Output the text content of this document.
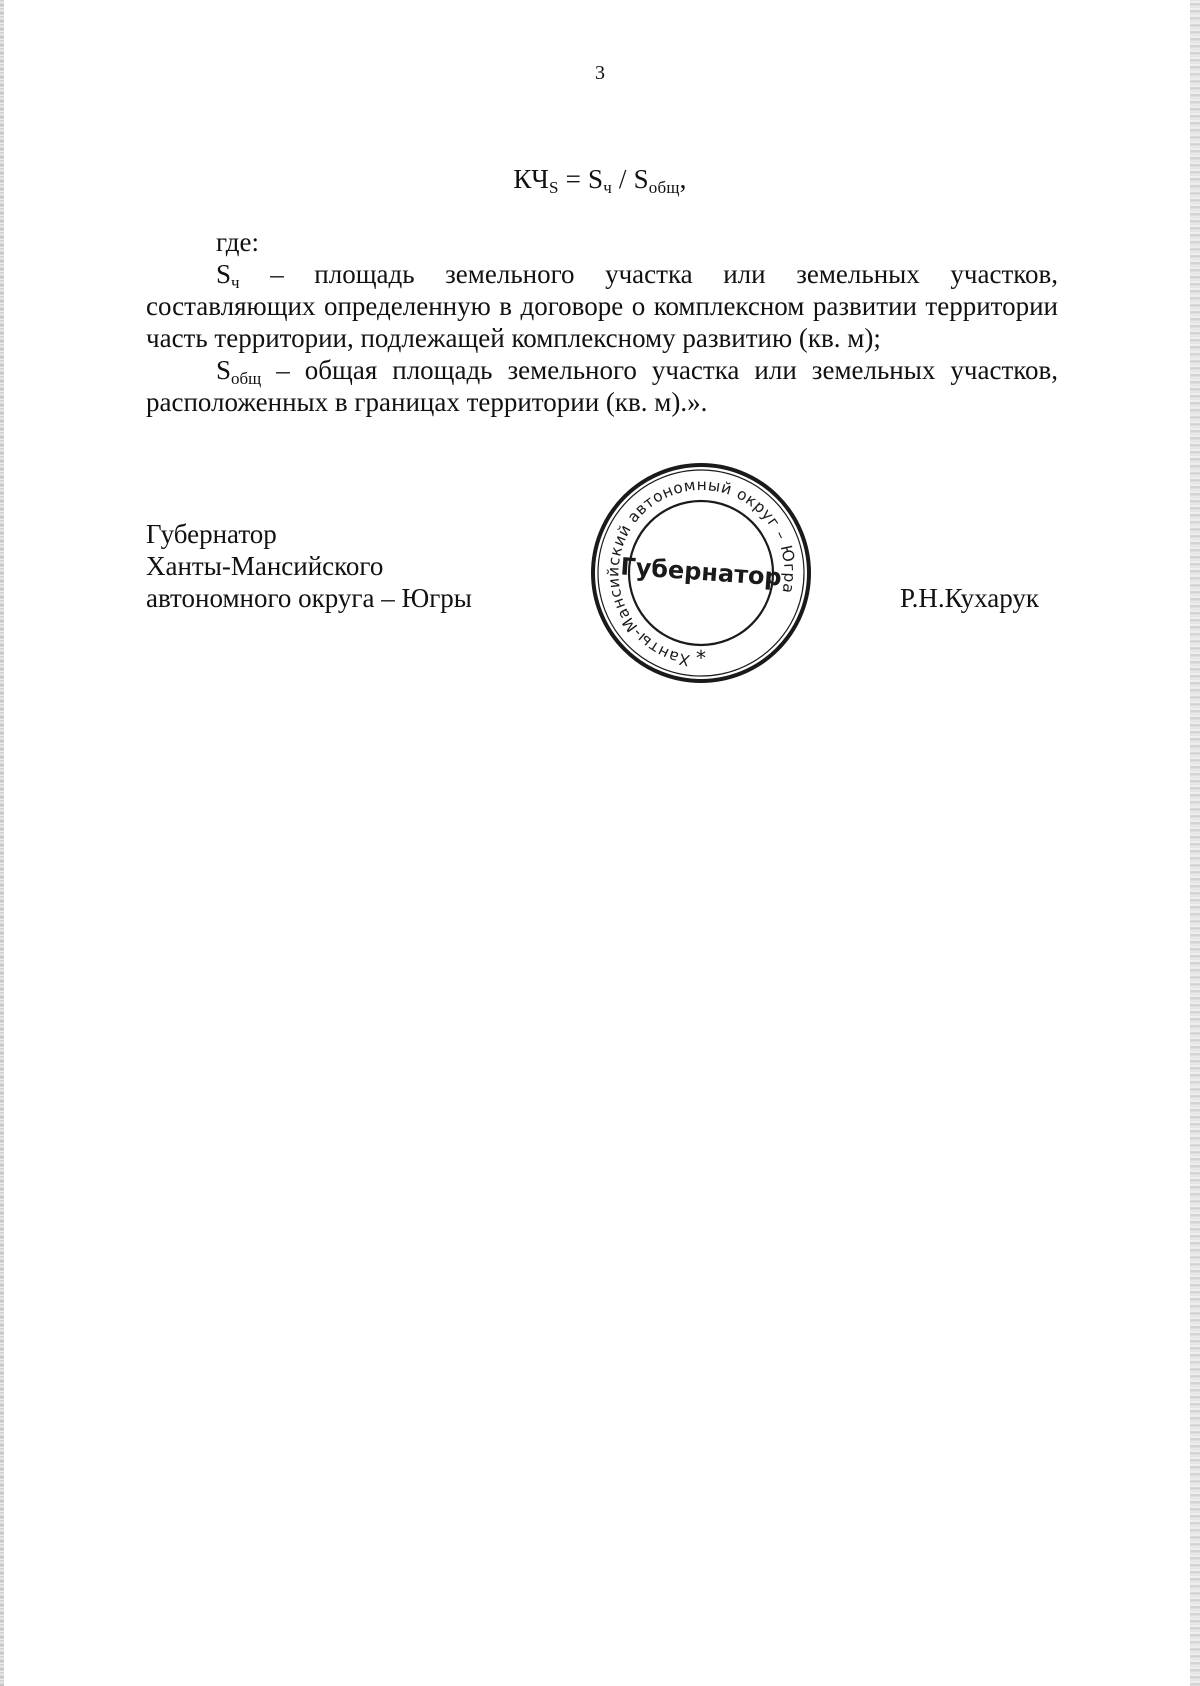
3
$КЧ_S = S_ч / S_{общ}$,

где:

$S_ч$ – площадь земельного участка или земельных участков, составляющих определенную в договоре о комплексном развитии территории часть территории, подлежащей комплексному развитию (кв. м);

$S_{общ}$ – общая площадь земельного участка или земельных участков, расположенных в границах территории (кв. м).».

Губернатор
Ханты-Мансийского
автономного округа – Югры
Ханты-Мансийский автономный округ – Югра
Губернатор
*
Р.Н.Кухарук
